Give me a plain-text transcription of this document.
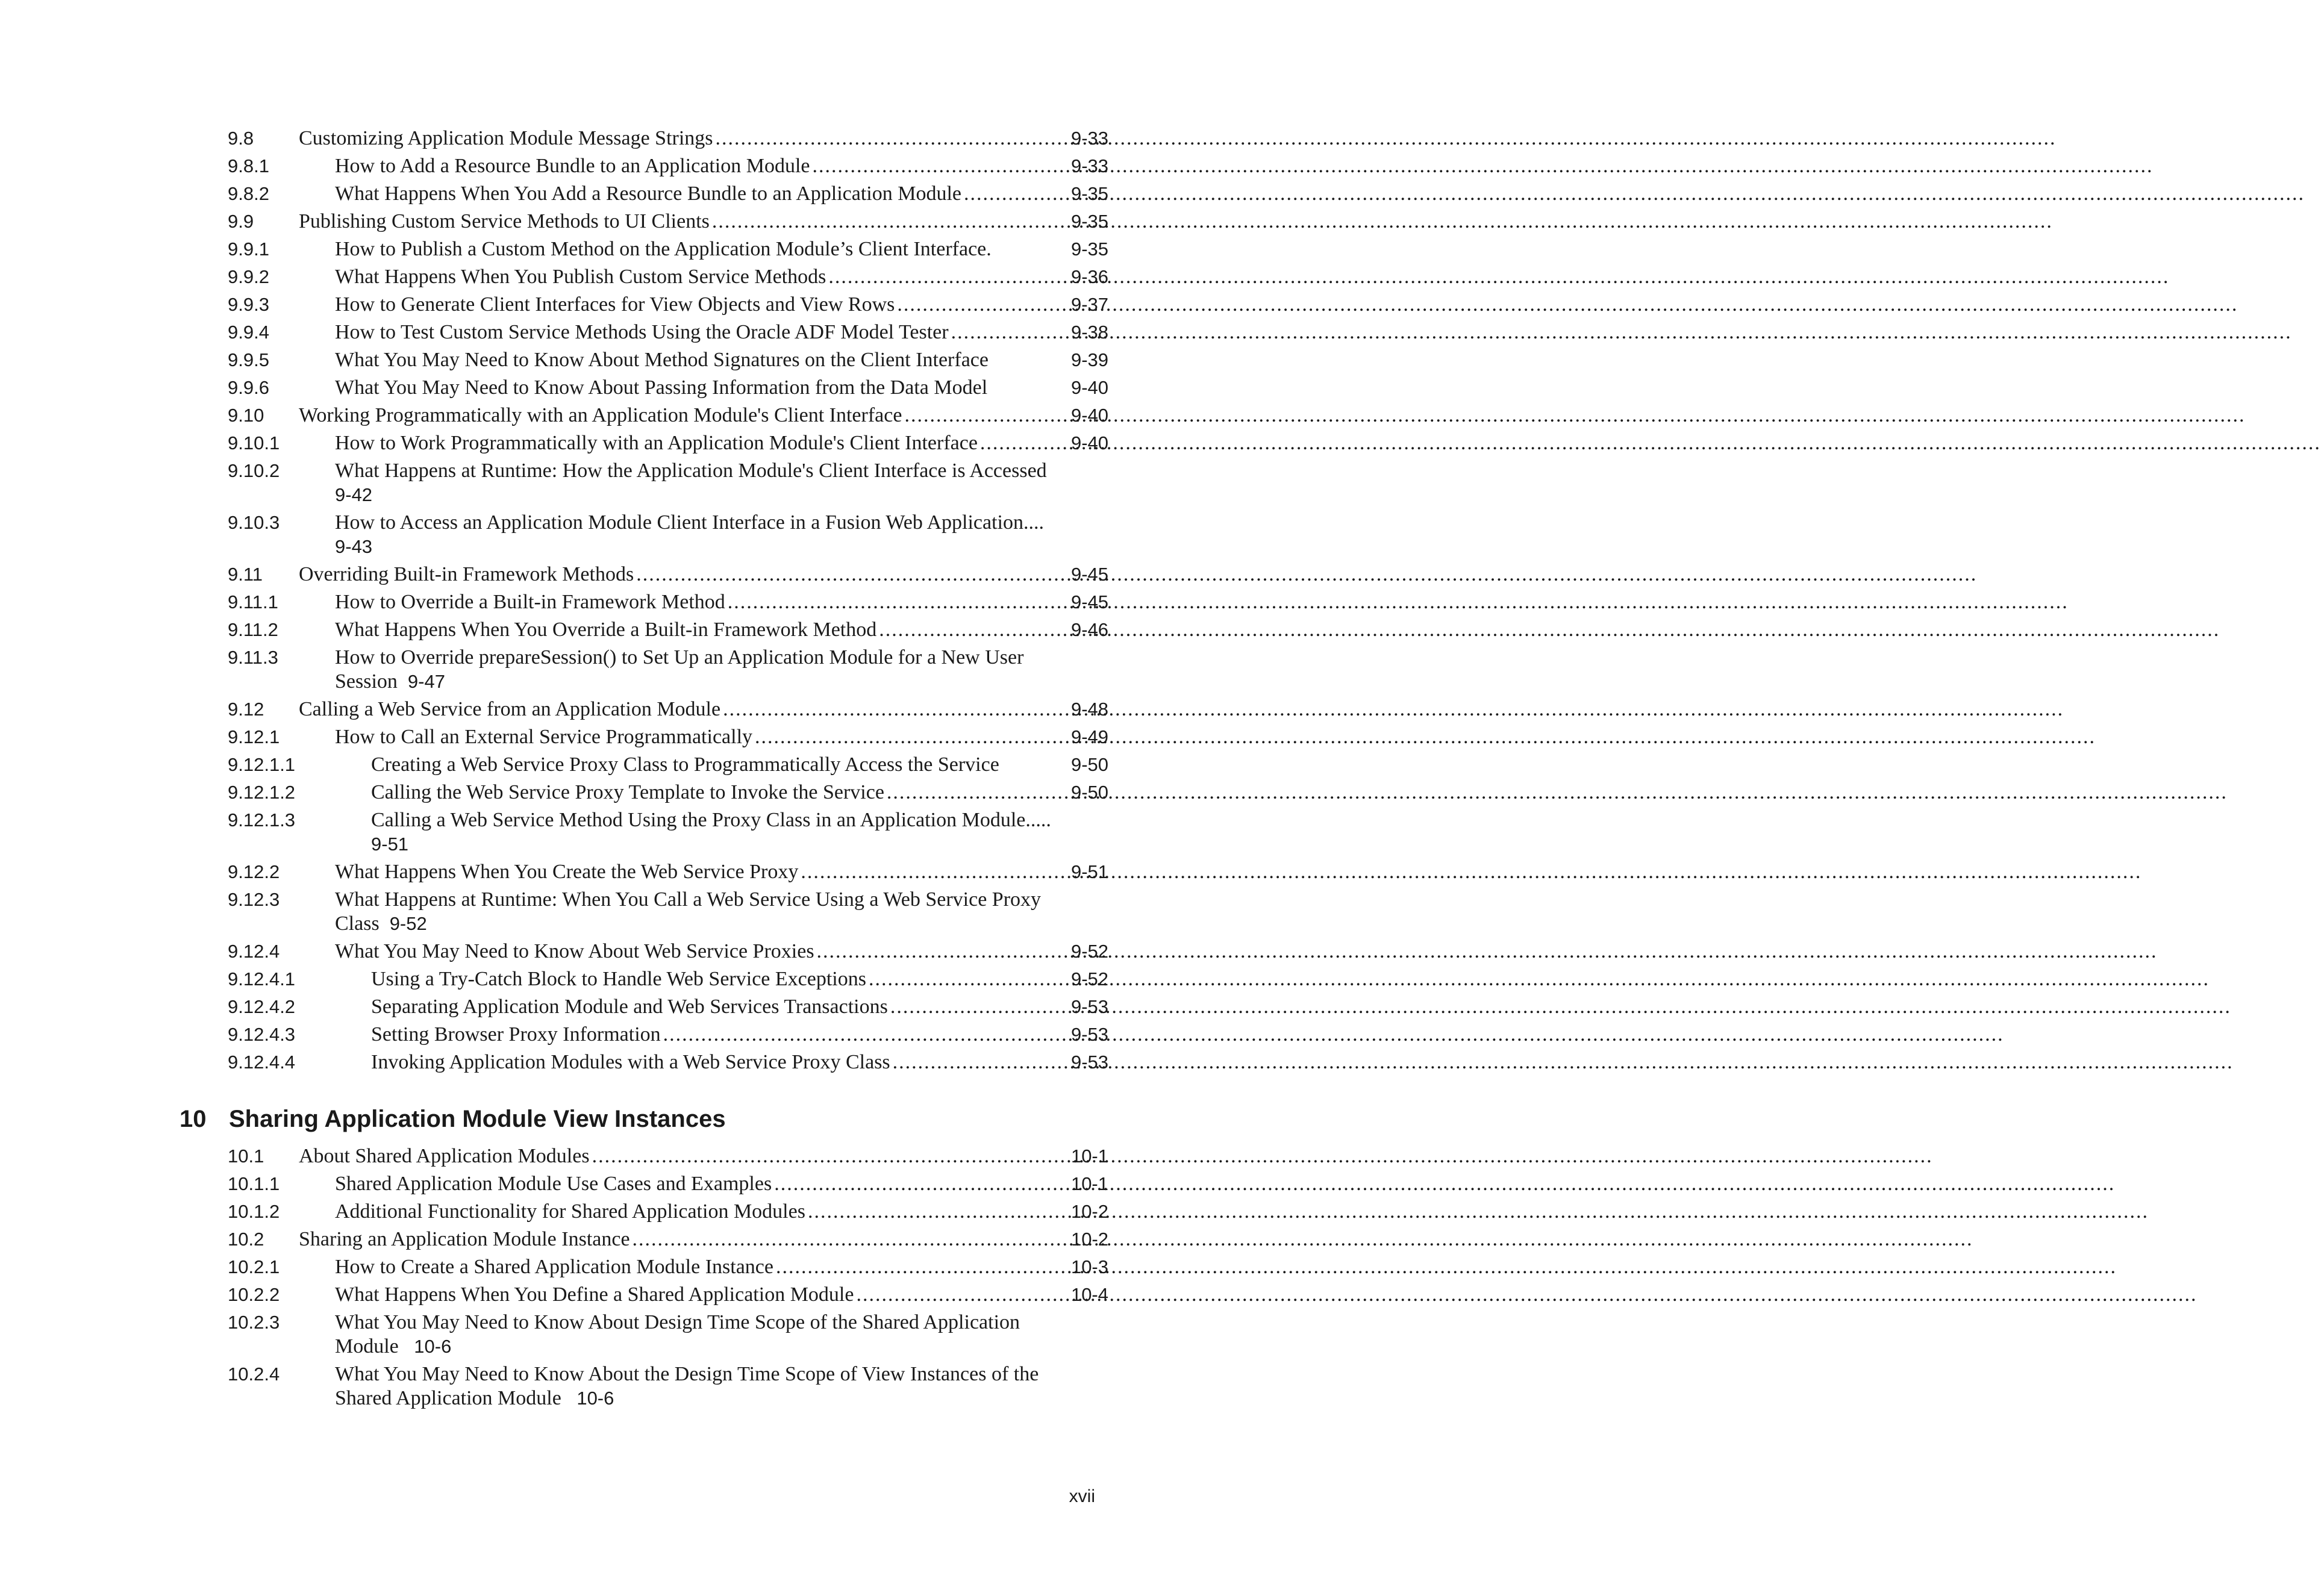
9.8 Customizing Application Module Message Strings .....	9-33
9.8.1	How to Add a Resource Bundle to an Application Module .....	9-33
9.8.2	What Happens When You Add a Resource Bundle to an Application Module .....	9-35
9.9 Publishing Custom Service Methods to UI Clients .....	9-35
9.9.1	How to Publish a Custom Method on the Application Module’s Client Interface.	9-35
9.9.2	What Happens When You Publish Custom Service Methods .....	9-36
9.9.3	How to Generate Client Interfaces for View Objects and View Rows .....	9-37
9.9.4	How to Test Custom Service Methods Using the Oracle ADF Model Tester .....	9-38
9.9.5	What You May Need to Know About Method Signatures on the Client Interface	9-39
9.9.6	What You May Need to Know About Passing Information from the Data Model	9-40
9.10 Working Programmatically with an Application Module's Client Interface .....	9-40
9.10.1	How to Work Programmatically with an Application Module's Client Interface .....	9-40
9.10.2	What Happens at Runtime: How the Application Module's Client Interface is Accessed
9-42
9.10.3	How to Access an Application Module Client Interface in a Fusion Web Application....
9-43
9.11 Overriding Built-in Framework Methods .....	9-45
9.11.1	How to Override a Built-in Framework Method .....	9-45
9.11.2	What Happens When You Override a Built-in Framework Method .....	9-46
9.11.3	How to Override prepareSession() to Set Up an Application Module for a New User
Session 9-47
9.12 Calling a Web Service from an Application Module .....	9-48
9.12.1	How to Call an External Service Programmatically .....	9-49
9.12.1.1	Creating a Web Service Proxy Class to Programmatically Access the Service	9-50
9.12.1.2	Calling the Web Service Proxy Template to Invoke the Service .....	9-50
9.12.1.3	Calling a Web Service Method Using the Proxy Class in an Application Module.....
9-51
9.12.2	What Happens When You Create the Web Service Proxy .....	9-51
9.12.3	What Happens at Runtime: When You Call a Web Service Using a Web Service Proxy
Class 9-52
9.12.4	What You May Need to Know About Web Service Proxies .....	9-52
9.12.4.1	Using a Try-Catch Block to Handle Web Service Exceptions .....	9-52
9.12.4.2	Separating Application Module and Web Services Transactions .....	9-53
9.12.4.3	Setting Browser Proxy Information .....	9-53
9.12.4.4	Invoking Application Modules with a Web Service Proxy Class .....	9-53
10 Sharing Application Module View Instances
10.1 About Shared Application Modules .....	10-1
10.1.1	Shared Application Module Use Cases and Examples .....	10-1
10.1.2	Additional Functionality for Shared Application Modules .....	10-2
10.2 Sharing an Application Module Instance .....	10-2
10.2.1	How to Create a Shared Application Module Instance .....	10-3
10.2.2	What Happens When You Define a Shared Application Module .....	10-4
10.2.3	What You May Need to Know About Design Time Scope of the Shared Application
Module 10-6
10.2.4	What You May Need to Know About the Design Time Scope of View Instances of the
Shared Application Module 10-6
xvii
